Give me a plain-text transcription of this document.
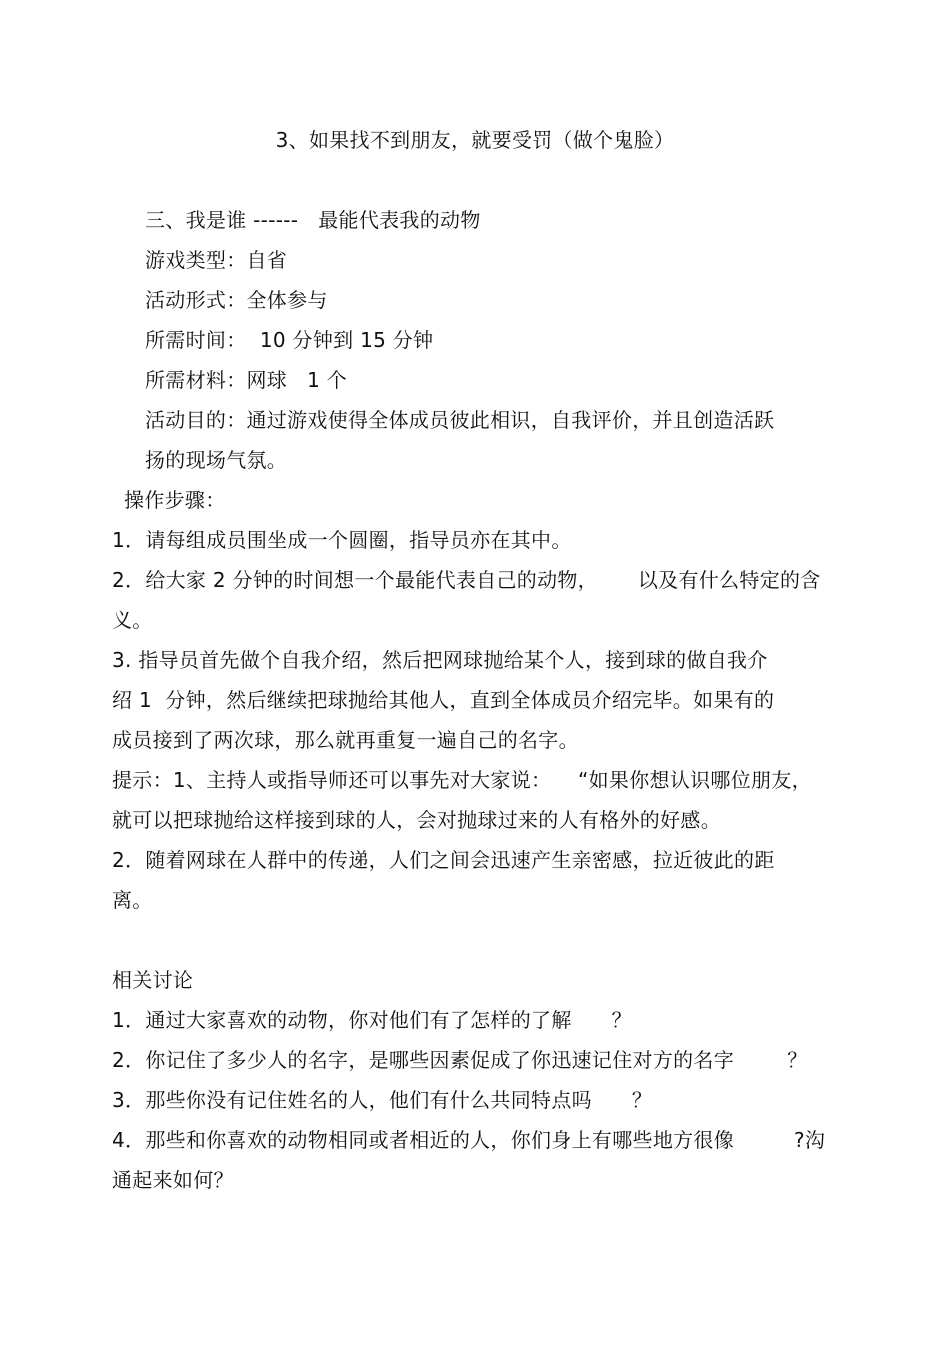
3、如果找不到朋友，就要受罚（做个鬼脸）

三、我是谁 ------   最能代表我的动物

游戏类型：自省

活动形式：全体参与

所需时间：  10 分钟到 15 分钟

所需材料：网球   1 个

活动目的：通过游戏使得全体成员彼此相识，自我评价，并且创造活跃

扬的现场气氛。

操作步骤：

1．请每组成员围坐成一个圆圈，指导员亦在其中。

2．给大家 2 分钟的时间想一个最能代表自己的动物，      以及有什么特定的含

义。

3. 指导员首先做个自我介绍，然后把网球抛给某个人，接到球的做自我介

绍 1  分钟，然后继续把球抛给其他人，直到全体成员介绍完毕。如果有的

成员接到了两次球，那么就再重复一遍自己的名字。

提示：1、主持人或指导师还可以事先对大家说：    “如果你想认识哪位朋友，

就可以把球抛给这样接到球的人，会对抛球过来的人有格外的好感。

2．随着网球在人群中的传递，人们之间会迅速产生亲密感，拉近彼此的距

离。

相关讨论

1．通过大家喜欢的动物，你对他们有了怎样的了解      ？

2．你记住了多少人的名字，是哪些因素促成了你迅速记住对方的名字        ？

3．那些你没有记住姓名的人，他们有什么共同特点吗      ？

4．那些和你喜欢的动物相同或者相近的人，你们身上有哪些地方很像         ?沟

通起来如何？
